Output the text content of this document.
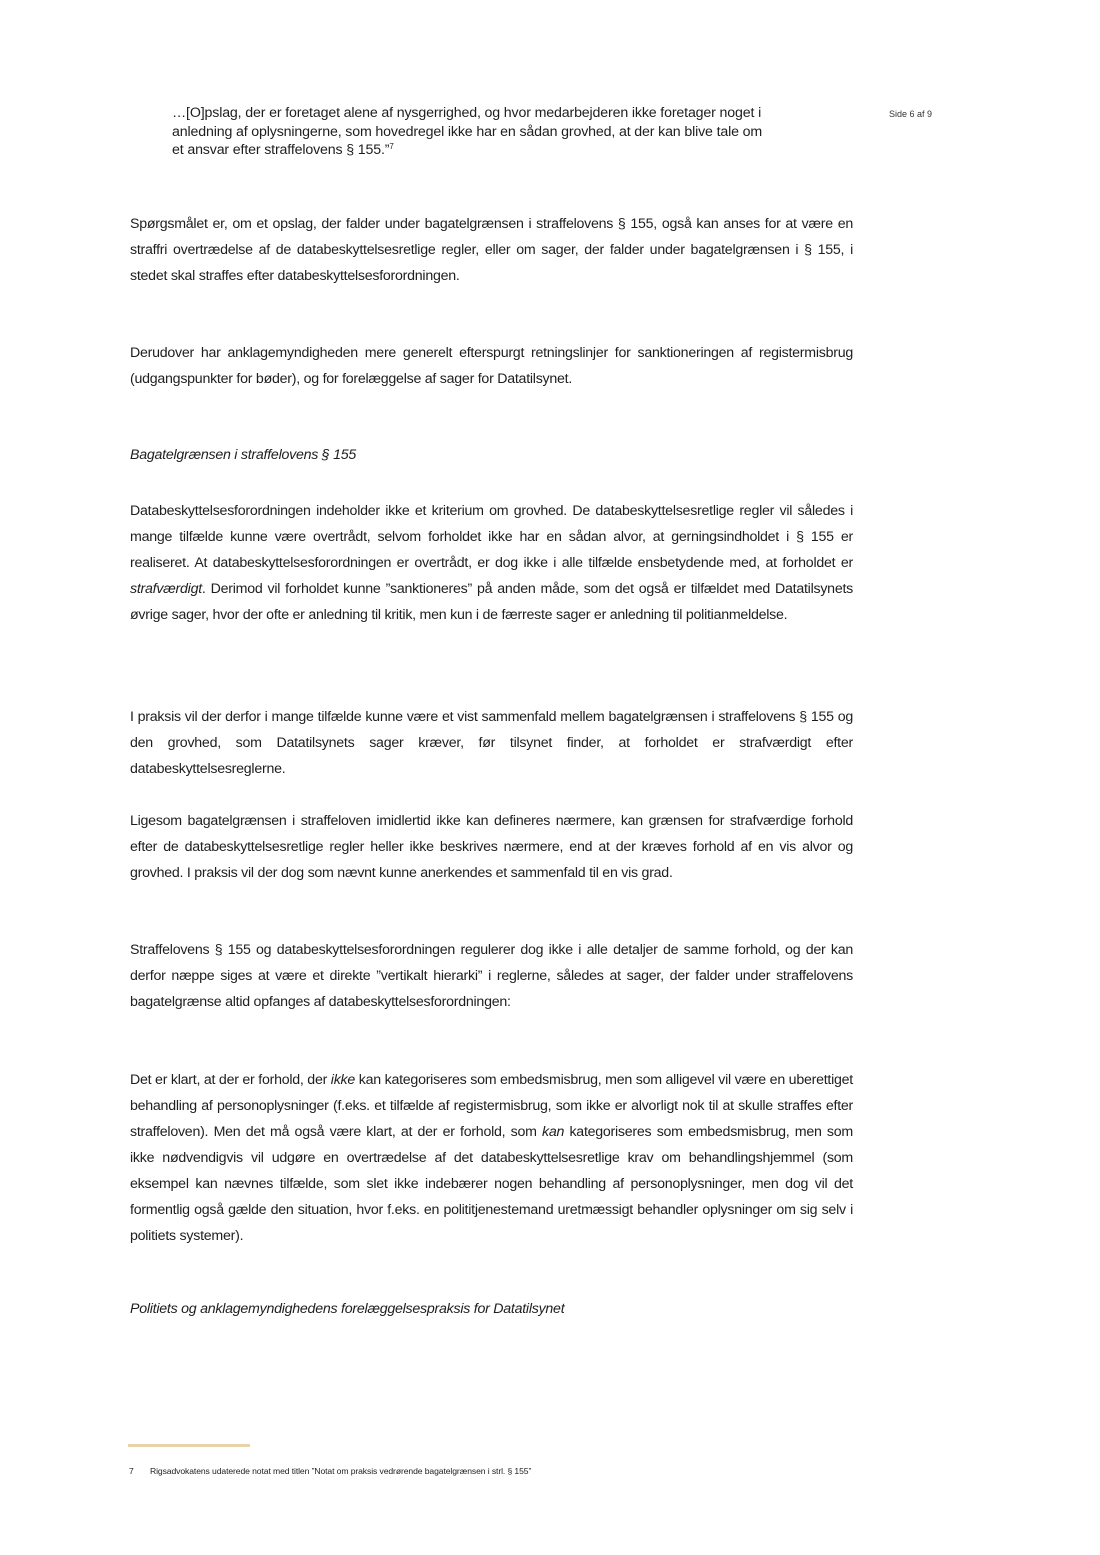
Side 6 af 9
…[O]pslag, der er foretaget alene af nysgerrighed, og hvor medarbejderen ikke foretager noget i anledning af oplysningerne, som hovedregel ikke har en sådan grovhed, at der kan blive tale om et ansvar efter straffelovens § 155.”$^7$

Spørgsmålet er, om et opslag, der falder under bagatelgrænsen i straffelovens § 155, også kan anses for at være en straffri overtrædelse af de databeskyttelsesretlige regler, eller om sager, der falder under bagatelgrænsen i § 155, i stedet skal straffes efter databeskyttelsesforordningen.

Derudover har anklagemyndigheden mere generelt efterspurgt retningslinjer for sanktioneringen af registermisbrug (udgangspunkter for bøder), og for forelæggelse af sager for Datatilsynet.

Bagatelgrænsen i straffelovens § 155

Databeskyttelsesforordningen indeholder ikke et kriterium om grovhed. De databeskyttelsesretlige regler vil således i mange tilfælde kunne være overtrådt, selvom forholdet ikke har en sådan alvor, at gerningsindholdet i § 155 er realiseret. At databeskyttelsesforordningen er overtrådt, er dog ikke i alle tilfælde ensbetydende med, at forholdet er strafværdigt. Derimod vil forholdet kunne ”sanktioneres” på anden måde, som det også er tilfældet med Datatilsynets øvrige sager, hvor der ofte er anledning til kritik, men kun i de færreste sager er anledning til politianmeldelse.

I praksis vil der derfor i mange tilfælde kunne være et vist sammenfald mellem bagatelgrænsen i straffelovens § 155 og den grovhed, som Datatilsynets sager kræver, før tilsynet finder, at forholdet er strafværdigt efter databeskyttelsesreglerne.

Ligesom bagatelgrænsen i straffeloven imidlertid ikke kan defineres nærmere, kan grænsen for strafværdige forhold efter de databeskyttelsesretlige regler heller ikke beskrives nærmere, end at der kræves forhold af en vis alvor og grovhed. I praksis vil der dog som nævnt kunne anerkendes et sammenfald til en vis grad.

Straffelovens § 155 og databeskyttelsesforordningen regulerer dog ikke i alle detaljer de samme forhold, og der kan derfor næppe siges at være et direkte ”vertikalt hierarki” i reglerne, således at sager, der falder under straffelovens bagatelgrænse altid opfanges af databeskyttelsesforordningen:

Det er klart, at der er forhold, der ikke kan kategoriseres som embedsmisbrug, men som alligevel vil være en uberettiget behandling af personoplysninger (f.eks. et tilfælde af registermisbrug, som ikke er alvorligt nok til at skulle straffes efter straffeloven). Men det må også være klart, at der er forhold, som kan kategoriseres som embedsmisbrug, men som ikke nødvendigvis vil udgøre en overtrædelse af det databeskyttelsesretlige krav om behandlingshjemmel (som eksempel kan nævnes tilfælde, som slet ikke indebærer nogen behandling af personoplysninger, men dog vil det formentlig også gælde den situation, hvor f.eks. en polititjenestemand uretmæssigt behandler oplysninger om sig selv i politiets systemer).

Politiets og anklagemyndighedens forelæggelsespraksis for Datatilsynet
7 Rigsadvokatens udaterede notat med titlen ”Notat om praksis vedrørende bagatelgrænsen i strl. § 155”
